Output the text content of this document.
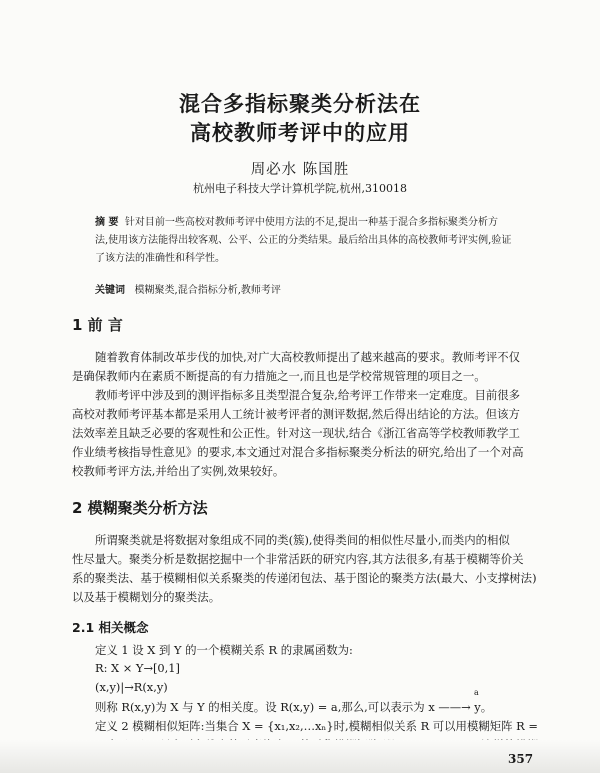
混合多指标聚类分析法在
高校教师考评中的应用
周必水 陈国胜
杭州电子科技大学计算机学院,杭州,310018
摘 要 针对目前一些高校对教师考评中使用方法的不足,提出一种基于混合多指标聚类分析方
法,使用该方法能得出较客观、公平、公正的分类结果。最后给出具体的高校教师考评实例,验证
了该方法的准确性和科学性。
关键词 模糊聚类,混合指标分析,教师考评
1 前 言
随着教育体制改革步伐的加快,对广大高校教师提出了越来越高的要求。教师考评不仅
是确保教师内在素质不断提高的有力措施之一,而且也是学校常规管理的项目之一。
教师考评中涉及到的测评指标多且类型混合复杂,给考评工作带来一定难度。目前很多
高校对教师考评基本都是采用人工统计被考评者的测评数据,然后得出结论的方法。但该方
法效率差且缺乏必要的客观性和公正性。针对这一现状,结合《浙江省高等学校教师教学工
作业绩考核指导性意见》的要求,本文通过对混合多指标聚类分析法的研究,给出了一个对高
校教师考评方法,并给出了实例,效果较好。
2 模糊聚类分析方法
所谓聚类就是将数据对象组成不同的类(簇),使得类间的相似性尽量小,而类内的相似
性尽量大。聚类分析是数据挖掘中一个非常活跃的研究内容,其方法很多,有基于模糊等价关
系的聚类法、基于模糊相似关系聚类的传递闭包法、基于图论的聚类方法(最大、小支撑树法)
以及基于模糊划分的聚类法。
2.1 相关概念
定义 1 设 X 到 Y 的一个模糊关系 R 的隶属函数为:
R: X × Y→[0,1]
(x,y)|→R(x,y)
则称 R(x,y)为 X 与 Y 的相关度。设 R(x,y) = a,那么,可以表示为 x ——→ y。
a
定义 2 模糊相似矩阵:当集合 X = {x₁,x₂,…xₙ}时,模糊相似关系 R 可以用模糊矩阵 R =
357
